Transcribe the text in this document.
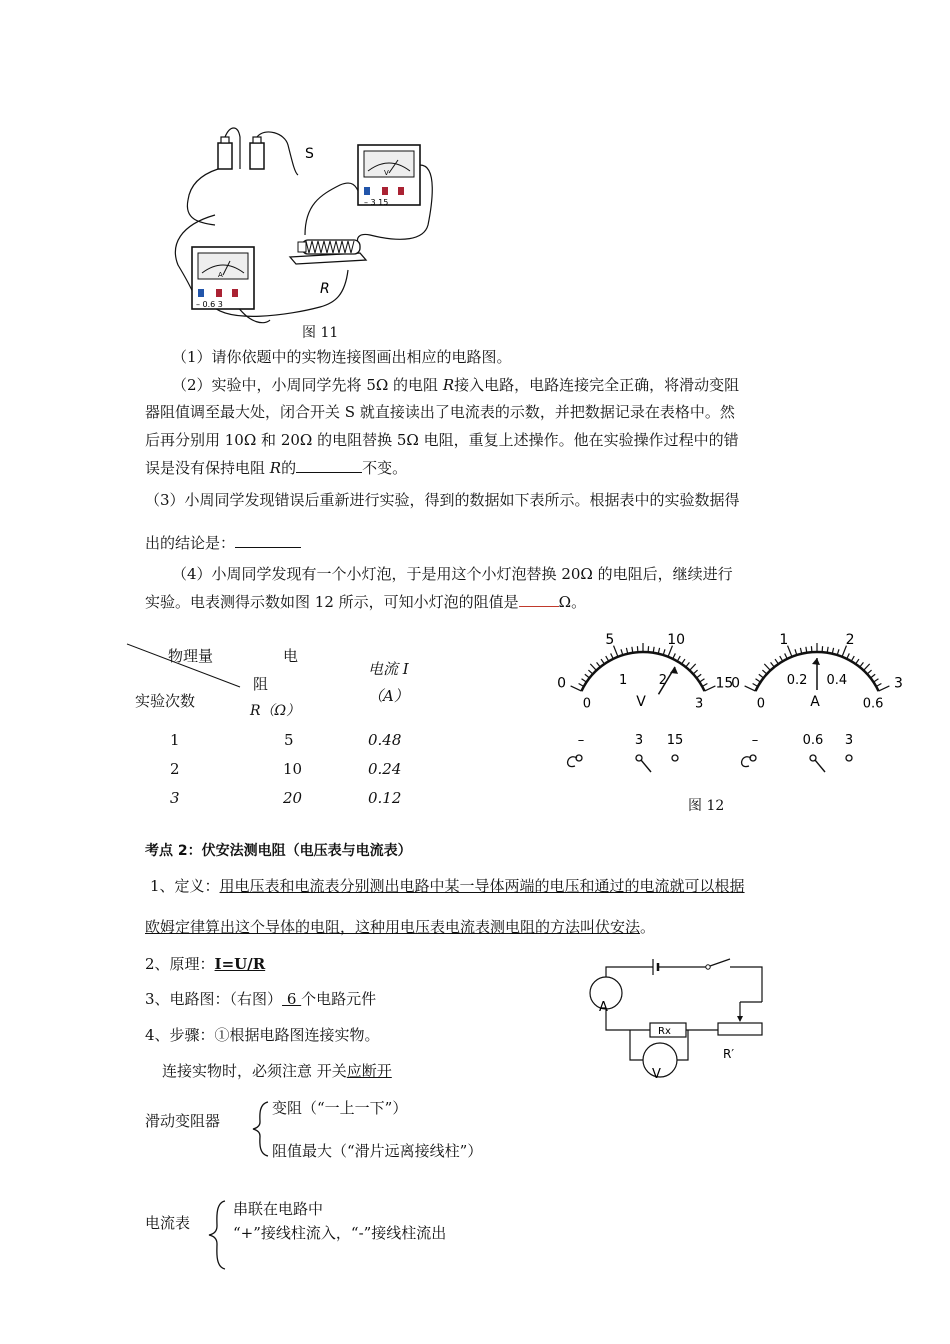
V
– 3 15
S
R
A
– 0.6 3
图 11
（1）请你依题中的实物连接图画出相应的电路图。
（2）实验中，小周同学先将 5Ω 的电阻 R接入电路，电路连接完全正确，将滑动变阻
器阻值调至最大处，闭合开关 S 就直接读出了电流表的示数，并把数据记录在表格中。然
后再分别用 10Ω 和 20Ω 的电阻替换 5Ω 电阻，重复上述操作。他在实验操作过程中的错
误是没有保持电阻 R的	不变。
（3）小周同学发现错误后重新进行实验，得到的数据如下表所示。根据表中的实验数据得
出的结论是：
（4）小周同学发现有一个小灯泡，于是用这个小灯泡替换 20Ω 的电阻后，继续进行
实验。电表测得示数如图 12 所示，可知小灯泡的阻值是	Ω。
物理量
实验次数
电
阻
R（Ω）
电流 I
（A）
1	5	0.48
2	10	0.24
3	20	0.12
0
5	10
15
0
1 2
3
V
–	3 15
0
1	2
3
0
0.2 0.4
0.6
A
–	0.6 3
图 12
考点 2：伏安法测电阻（电压表与电流表）
1、定义：用电压表和电流表分别测出电路中某一导体两端的电压和通过的电流就可以根据
欧姆定律算出这个导体的电阻，这种用电压表电流表测电阻的方法叫伏安法。
2、原理：I=U/R
3、电路图：（右图） 6 个电路元件
4、步骤：①根据电路图连接实物。
连接实物时，必须注意 开关应断开
滑动变阻器
变阻（“一上一下”）
阻值最大（“滑片远离接线柱”）
电流表
串联在电路中
“+”接线柱流入，“-”接线柱流出
A
Rx
R′
V
